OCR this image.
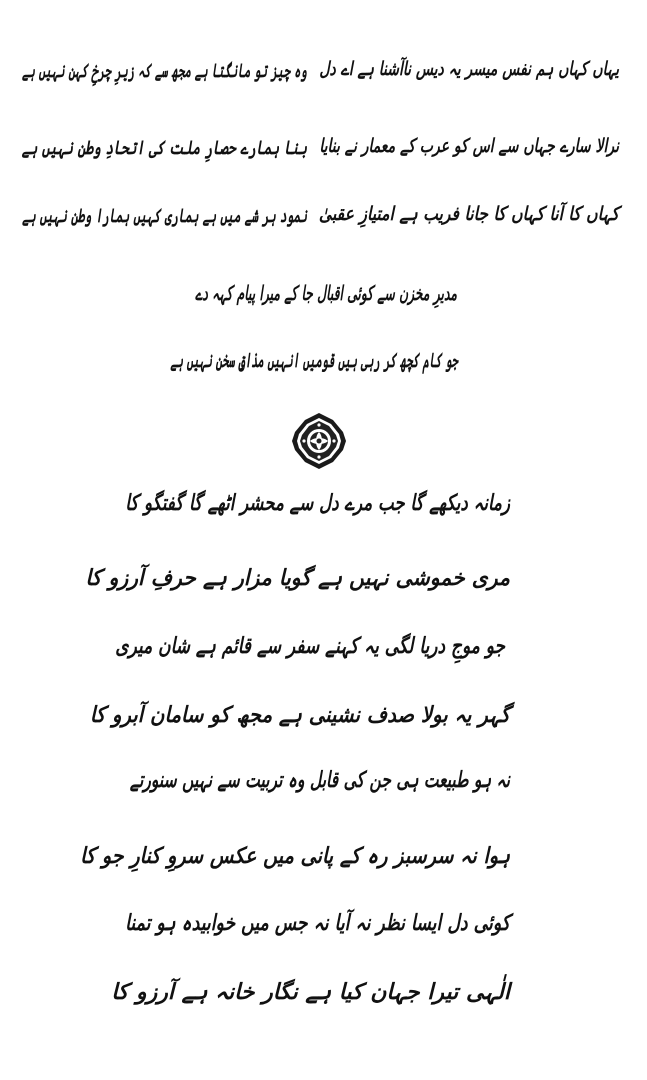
یہاں کہاں ہم نفس میسر یہ دیس ناآشنا ہے اے دل
وہ چیز تو مانگتا ہے مجھ سے کہ زیرِ چرخِ کہن نہیں ہے
نرالا سارے جہاں سے اس کو عرب کے معمار نے بنایا
بنا ہمارے حصارِ ملت کی اتحادِ وطن نہیں ہے
کہاں کا آنا کہاں کا جانا فریب ہے امتیازِ عقبیٰ
نمود ہر شے میں ہے ہماری کہیں ہمارا وطن نہیں ہے
مدیرِ مخزن سے کوئی اقبال جا کے میرا پیام کہہ دے
جو کام کچھ کر رہی ہیں قومیں انہیں مذاقِ سخن نہیں ہے
زمانہ دیکھے گا جب مرے دل سے محشر اٹھے گا گفتگو کا
مری خموشی نہیں ہے گویا مزار ہے حرفِ آرزو کا
جو موجِ دریا لگی یہ کہنے سفر سے قائم ہے شان میری
گہر یہ بولا صدف نشینی ہے مجھ کو سامان آبرو کا
نہ ہو طبیعت ہی جن کی قابل وہ تربیت سے نہیں سنورتے
ہوا نہ سرسبز رہ کے پانی میں عکس سروِ کنارِ جو کا
کوئی دل ایسا نظر نہ آیا نہ جس میں خوابیدہ ہو تمنا
الٰہی تیرا جہان کیا ہے نگار خانہ ہے آرزو کا
